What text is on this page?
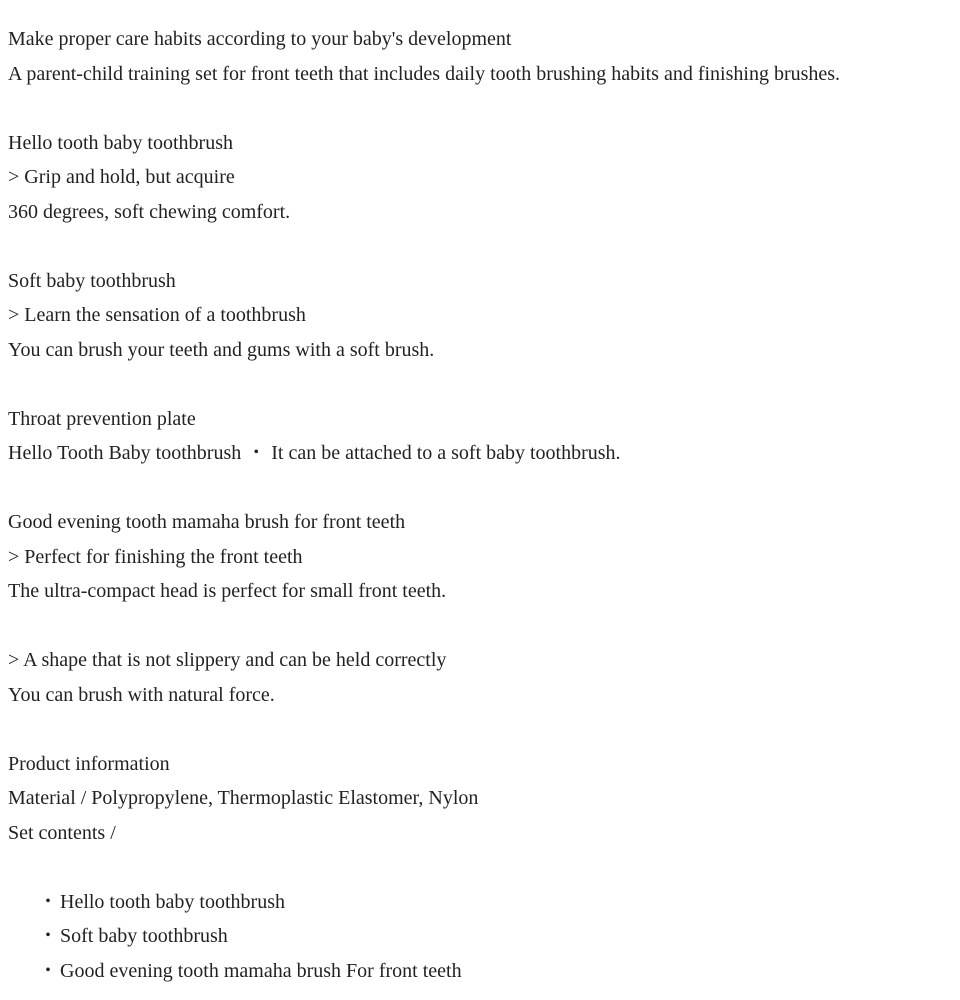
Make proper care habits according to your baby's development
A parent-child training set for front teeth that includes daily tooth brushing habits and finishing brushes.
Hello tooth baby toothbrush
> Grip and hold, but acquire
360 degrees, soft chewing comfort.
Soft baby toothbrush
> Learn the sensation of a toothbrush
You can brush your teeth and gums with a soft brush.
Throat prevention plate
Hello Tooth Baby toothbrush ・ It can be attached to a soft baby toothbrush.
Good evening tooth mamaha brush for front teeth
> Perfect for finishing the front teeth
The ultra-compact head is perfect for small front teeth.
> A shape that is not slippery and can be held correctly
You can brush with natural force.
Product information
Material / Polypropylene, Thermoplastic Elastomer, Nylon
Set contents /
・ Hello tooth baby toothbrush
・ Soft baby toothbrush
・ Good evening tooth mamaha brush For front teeth
